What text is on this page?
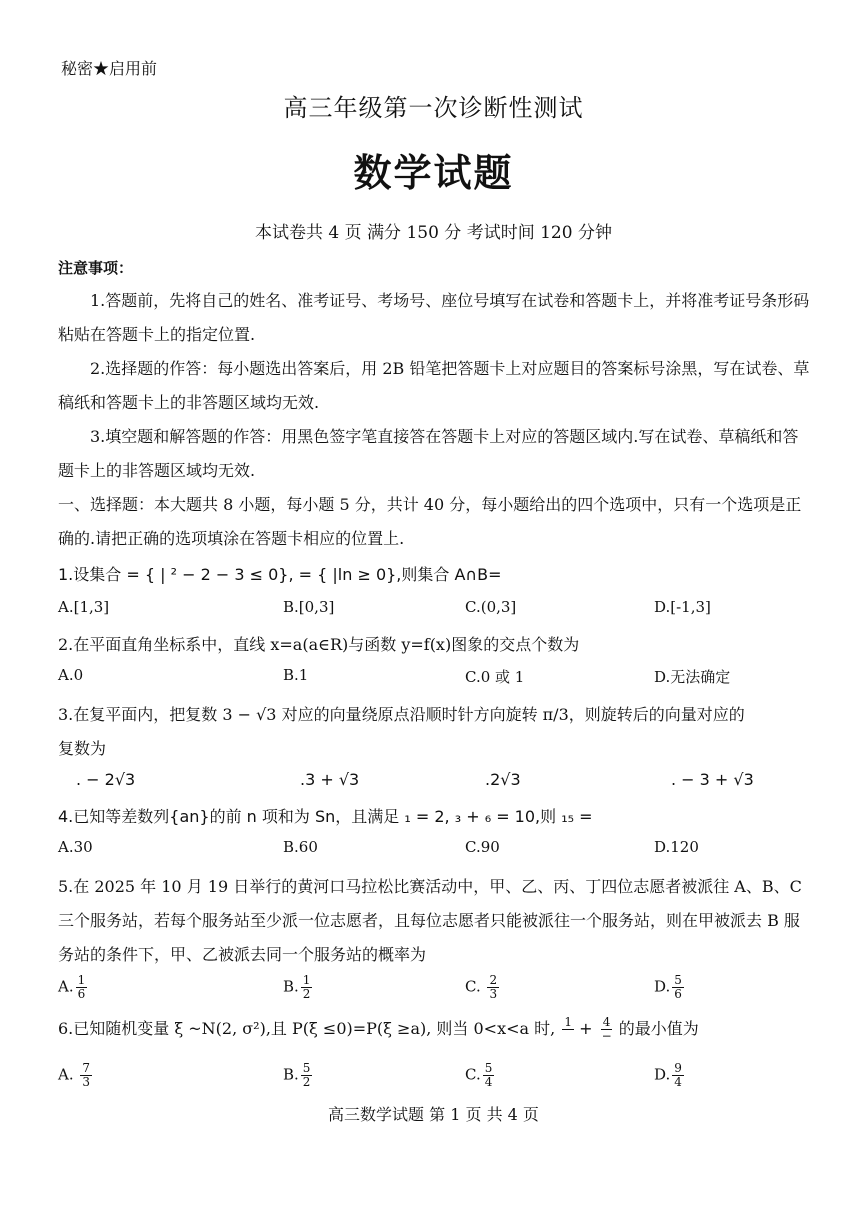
秘密★启用前
高三年级第一次诊断性测试
数学试题
本试卷共 4 页 满分 150 分 考试时间 120 分钟
注意事项：
1.答题前，先将自己的姓名、准考证号、考场号、座位号填写在试卷和答题卡上，并将准考证号条形码粘贴在答题卡上的指定位置.
2.选择题的作答：每小题选出答案后，用 2B 铅笔把答题卡上对应题目的答案标号涂黑，写在试卷、草稿纸和答题卡上的非答题区域均无效.
3.填空题和解答题的作答：用黑色签字笔直接答在答题卡上对应的答题区域内.写在试卷、草稿纸和答题卡上的非答题区域均无效.
一、选择题：本大题共 8 小题，每小题 5 分，共计 40 分，每小题给出的四个选项中，只有一个选项是正确的.请把正确的选项填涂在答题卡相应的位置上.
1.设集合 = { | ² − 2 − 3 ≤ 0}, = { |ln ≥ 0},则集合 A∩B=
A.[1,3]	B.[0,3]	C.(0,3]	D.[-1,3]
2.在平面直角坐标系中，直线 x=a(a∈R)与函数 y=f(x)图象的交点个数为
A.0	B.1	C.0 或 1	D.无法确定
3.在复平面内，把复数 3 − √3 对应的向量绕原点沿顺时针方向旋转 π/3，则旋转后的向量对应的
复数为
. − 2√3	.3 + √3	.2√3	. − 3 + √3
4.已知等差数列{an}的前 n 项和为 Sn，且满足 ₁ = 2, ₃ + ₆ = 10,则 ₁₅ =
A.30	B.60	C.90	D.120
5.在 2025 年 10 月 19 日举行的黄河口马拉松比赛活动中，甲、乙、丙、丁四位志愿者被派往 A、B、C 三个服务站，若每个服务站至少派一位志愿者，且每位志愿者只能被派往一个服务站，则在甲被派去 B 服务站的条件下，甲、乙被派去同一个服务站的概率为
A. $\frac{1}{6}$	B. $\frac{1}{2}$	C. $\frac{2}{3}$	D. $\frac{5}{6}$
6.已知随机变量 ξ ~N(2, σ²),且 P(ξ ≤0)=P(ξ ≥a), 则当 0<x<a 时, 1
+ $\frac{4}{-}$ 的最小值为
A. $\frac{7}{3}$	B. $\frac{5}{2}$	C. $\frac{5}{4}$	D. $\frac{9}{4}$
高三数学试题 第 1 页 共 4 页
